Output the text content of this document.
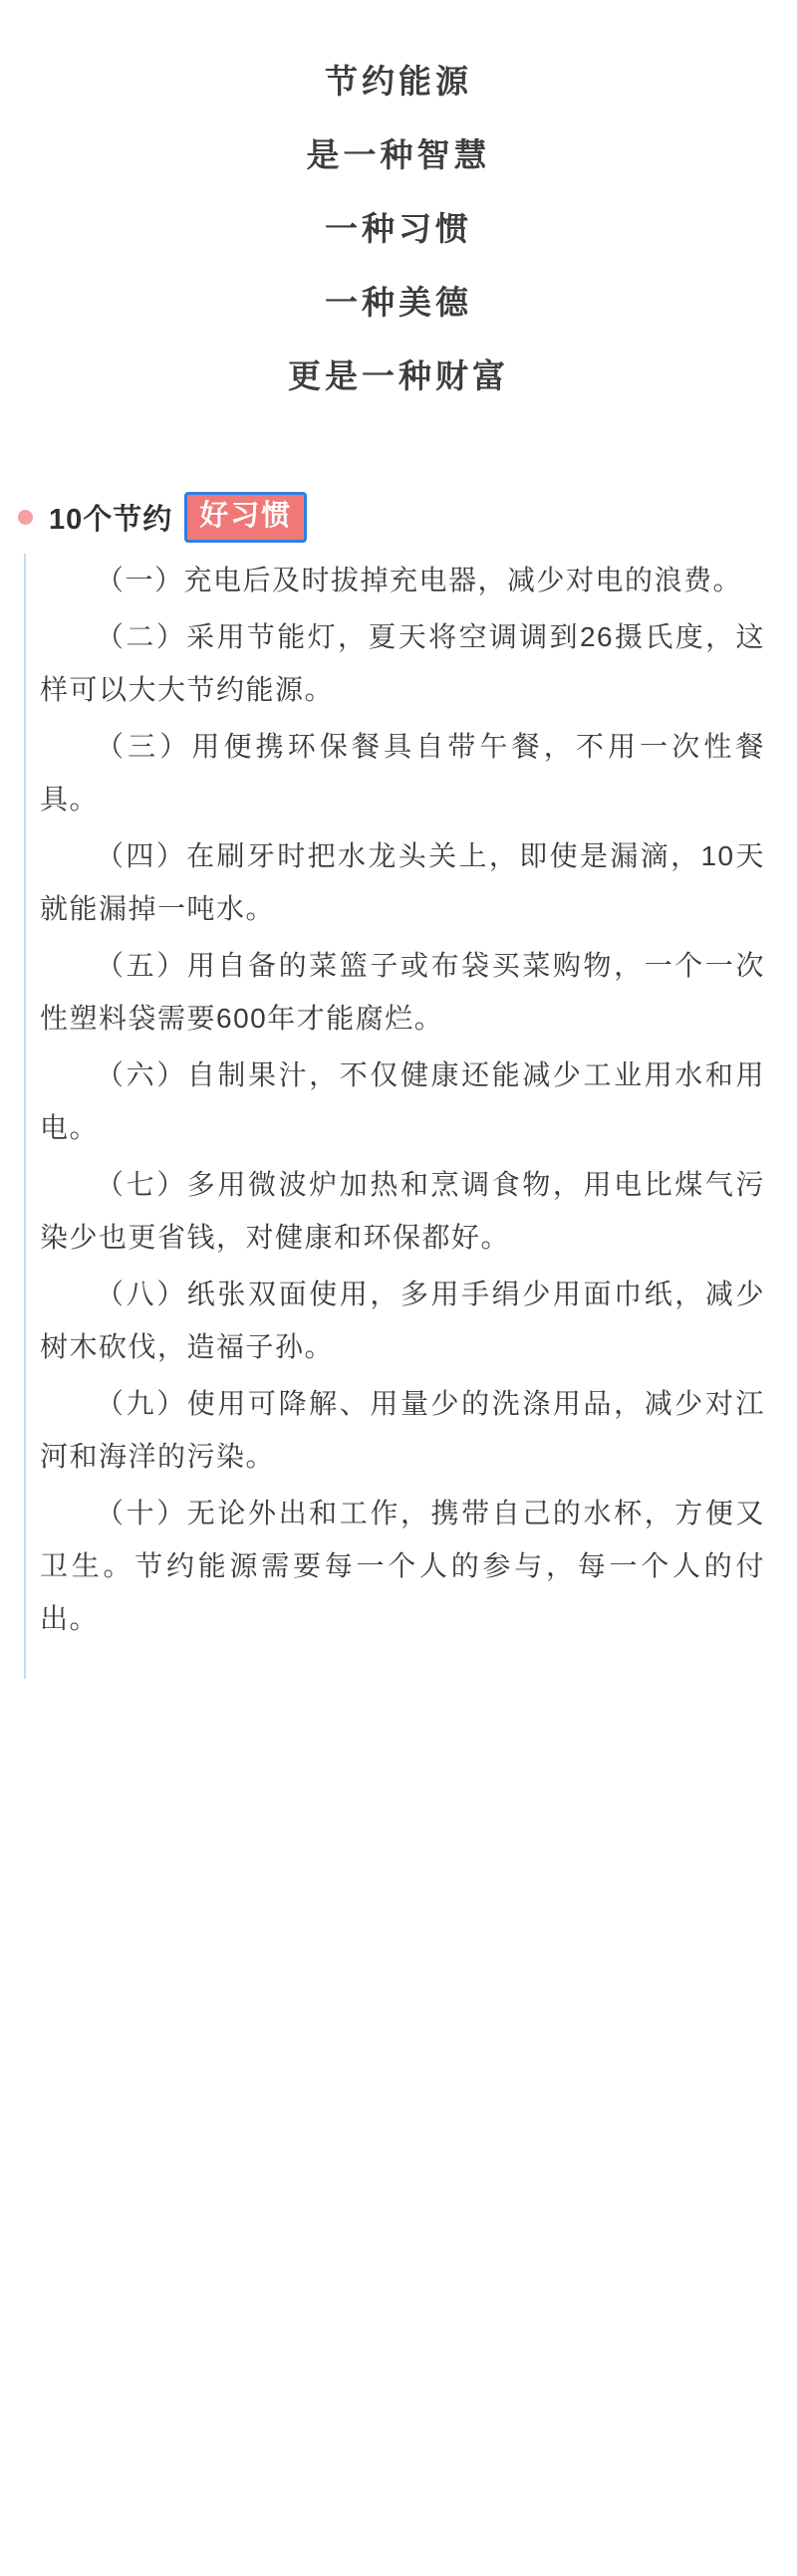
节约能源
是一种智慧
一种习惯
一种美德
更是一种财富
10个节约 好习惯

（一）充电后及时拔掉充电器，减少对电的浪费。

（二）采用节能灯，夏天将空调调到26摄氏度，这样可以大大节约能源。

（三）用便携环保餐具自带午餐，不用一次性餐具。

（四）在刷牙时把水龙头关上，即使是漏滴，10天就能漏掉一吨水。

（五）用自备的菜篮子或布袋买菜购物，一个一次性塑料袋需要600年才能腐烂。

（六）自制果汁，不仅健康还能减少工业用水和用电。

（七）多用微波炉加热和烹调食物，用电比煤气污染少也更省钱，对健康和环保都好。

（八）纸张双面使用，多用手绢少用面巾纸，减少树木砍伐，造福子孙。

（九）使用可降解、用量少的洗涤用品，减少对江河和海洋的污染。

（十）无论外出和工作，携带自己的水杯，方便又卫生。节约能源需要每一个人的参与，每一个人的付出。
